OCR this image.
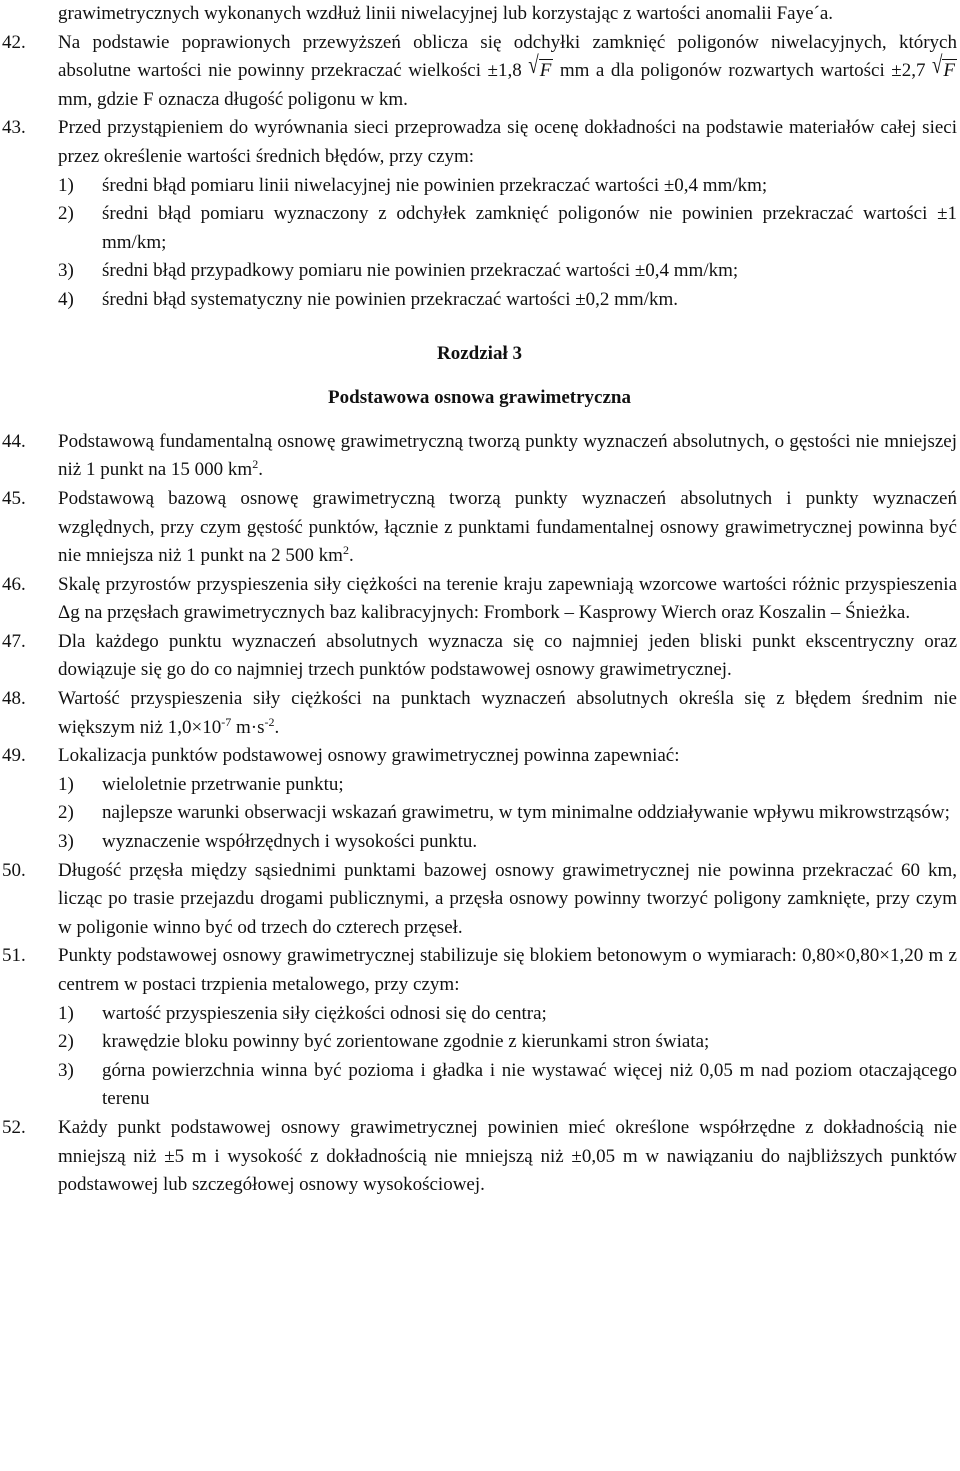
grawimetrycznych wykonanych wzdłuż linii niwelacyjnej lub korzystając z wartości anomalii Faye´a.
42. Na podstawie poprawionych przewyższeń oblicza się odchyłki zamknięć poligonów niwelacyjnych, których absolutne wartości nie powinny przekraczać wielkości ±1,8 √F mm a dla poligonów rozwartych wartości ±2,7 √F mm, gdzie F oznacza długość poligonu w km.
43. Przed przystąpieniem do wyrównania sieci przeprowadza się ocenę dokładności na podstawie materiałów całej sieci przez określenie wartości średnich błędów, przy czym:
1) średni błąd pomiaru linii niwelacyjnej nie powinien przekraczać wartości ±0,4 mm/km;
2) średni błąd pomiaru wyznaczony z odchyłek zamknięć poligonów nie powinien przekraczać wartości ±1 mm/km;
3) średni błąd przypadkowy pomiaru nie powinien przekraczać wartości ±0,4 mm/km;
4) średni błąd systematyczny nie powinien przekraczać wartości ±0,2 mm/km.
Rozdział 3
Podstawowa osnowa grawimetryczna
44. Podstawową fundamentalną osnowę grawimetryczną tworzą punkty wyznaczeń absolutnych, o gęstości nie mniejszej niż 1 punkt na 15 000 $km^2$.
45. Podstawową bazową osnowę grawimetryczną tworzą punkty wyznaczeń absolutnych i punkty wyznaczeń względnych, przy czym gęstość punktów, łącznie z punktami fundamentalnej osnowy grawimetrycznej powinna być nie mniejsza niż 1 punkt na 2 500 $km^2$.
46. Skalę przyrostów przyspieszenia siły ciężkości na terenie kraju zapewniają wzorcowe wartości różnic przyspieszenia Δg na przęsłach grawimetrycznych baz kalibracyjnych: Frombork – Kasprowy Wierch oraz Koszalin – Śnieżka.
47. Dla każdego punktu wyznaczeń absolutnych wyznacza się co najmniej jeden bliski punkt ekscentryczny oraz dowiązuje się go do co najmniej trzech punktów podstawowej osnowy grawimetrycznej.
48. Wartość przyspieszenia siły ciężkości na punktach wyznaczeń absolutnych określa się z błędem średnim nie większym niż $1,0\times 10^{-7}$ $m\cdot s^{-2}$.
49. Lokalizacja punktów podstawowej osnowy grawimetrycznej powinna zapewniać:
1) wieloletnie przetrwanie punktu;
2) najlepsze warunki obserwacji wskazań grawimetru, w tym minimalne oddziaływanie wpływu mikrowstrząsów;
3) wyznaczenie współrzędnych i wysokości punktu.
50. Długość przęsła między sąsiednimi punktami bazowej osnowy grawimetrycznej nie powinna przekraczać 60 km, licząc po trasie przejazdu drogami publicznymi, a przęsła osnowy powinny tworzyć poligony zamknięte, przy czym w poligonie winno być od trzech do czterech przęseł.
51. Punkty podstawowej osnowy grawimetrycznej stabilizuje się blokiem betonowym o wymiarach: 0,80×0,80×1,20 m z centrem w postaci trzpienia metalowego, przy czym:
1) wartość przyspieszenia siły ciężkości odnosi się do centra;
2) krawędzie bloku powinny być zorientowane zgodnie z kierunkami stron świata;
3) górna powierzchnia winna być pozioma i gładka i nie wystawać więcej niż 0,05 m nad poziom otaczającego terenu
52. Każdy punkt podstawowej osnowy grawimetrycznej powinien mieć określone współrzędne z dokładnością nie mniejszą niż ±5 m i wysokość z dokładnością nie mniejszą niż ±0,05 m w nawiązaniu do najbliższych punktów podstawowej lub szczegółowej osnowy wysokościowej.
